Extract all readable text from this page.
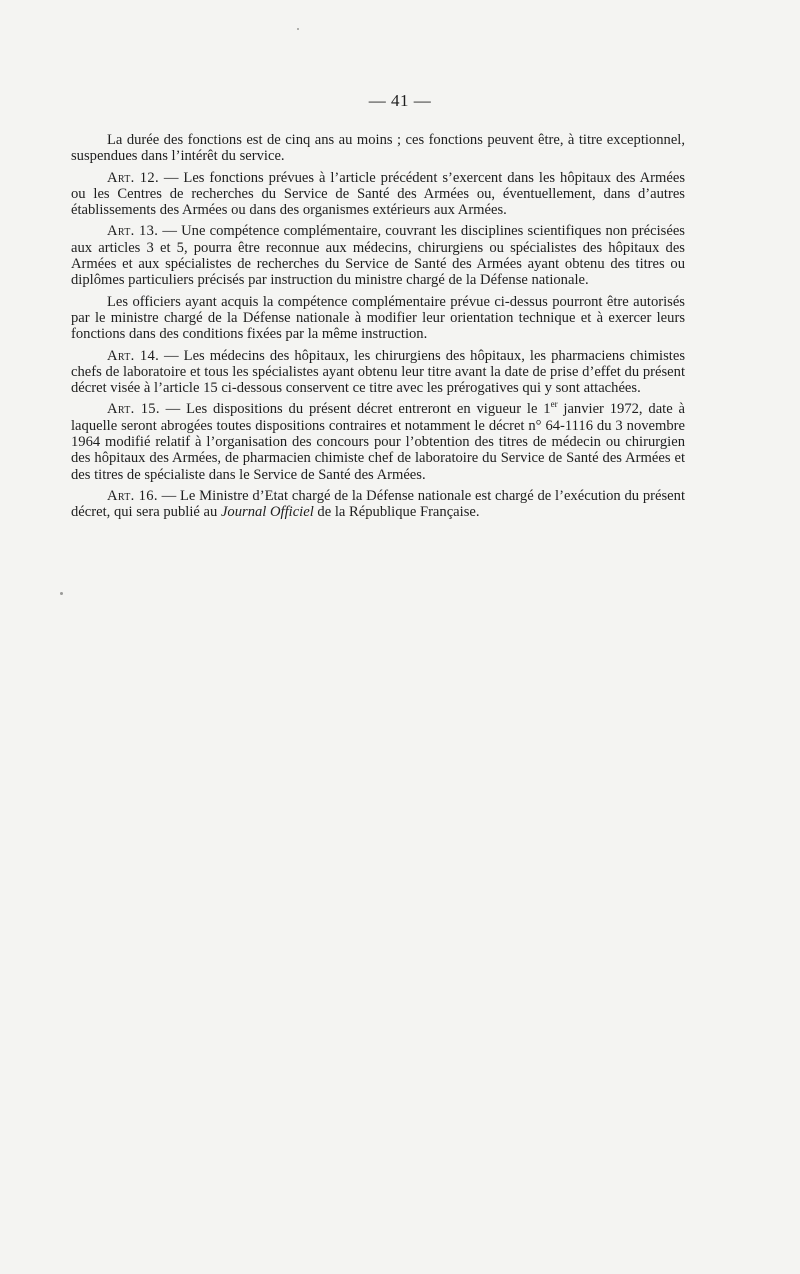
— 41 —

La durée des fonctions est de cinq ans au moins ; ces fonctions peuvent être, à titre exceptionnel, suspendues dans l’intérêt du service.

Art. 12. — Les fonctions prévues à l’article précédent s’exercent dans les hôpitaux des Armées ou les Centres de recherches du Service de Santé des Armées ou, éventuellement, dans d’autres établissements des Armées ou dans des organismes extérieurs aux Armées.

Art. 13. — Une compétence complémentaire, couvrant les disciplines scientifiques non précisées aux articles 3 et 5, pourra être reconnue aux médecins, chirurgiens ou spécialistes des hôpitaux des Armées et aux spécialistes de recherches du Service de Santé des Armées ayant obtenu des titres ou diplômes particuliers précisés par instruction du ministre chargé de la Défense nationale.

Les officiers ayant acquis la compétence complémentaire prévue ci-dessus pourront être autorisés par le ministre chargé de la Défense nationale à modifier leur orientation technique et à exercer leurs fonctions dans des conditions fixées par la même instruction.

Art. 14. — Les médecins des hôpitaux, les chirurgiens des hôpitaux, les pharmaciens chimistes chefs de laboratoire et tous les spécialistes ayant obtenu leur titre avant la date de prise d’effet du présent décret visée à l’article 15 ci-dessous conservent ce titre avec les prérogatives qui y sont attachées.

Art. 15. — Les dispositions du présent décret entreront en vigueur le 1er janvier 1972, date à laquelle seront abrogées toutes dispositions contraires et notamment le décret n° 64-1116 du 3 novembre 1964 modifié relatif à l’organisation des concours pour l’obtention des titres de médecin ou chirurgien des hôpitaux des Armées, de pharmacien chimiste chef de laboratoire du Service de Santé des Armées et des titres de spécialiste dans le Service de Santé des Armées.

Art. 16. — Le Ministre d’Etat chargé de la Défense nationale est chargé de l’exécution du présent décret, qui sera publié au Journal Officiel de la République Française.
